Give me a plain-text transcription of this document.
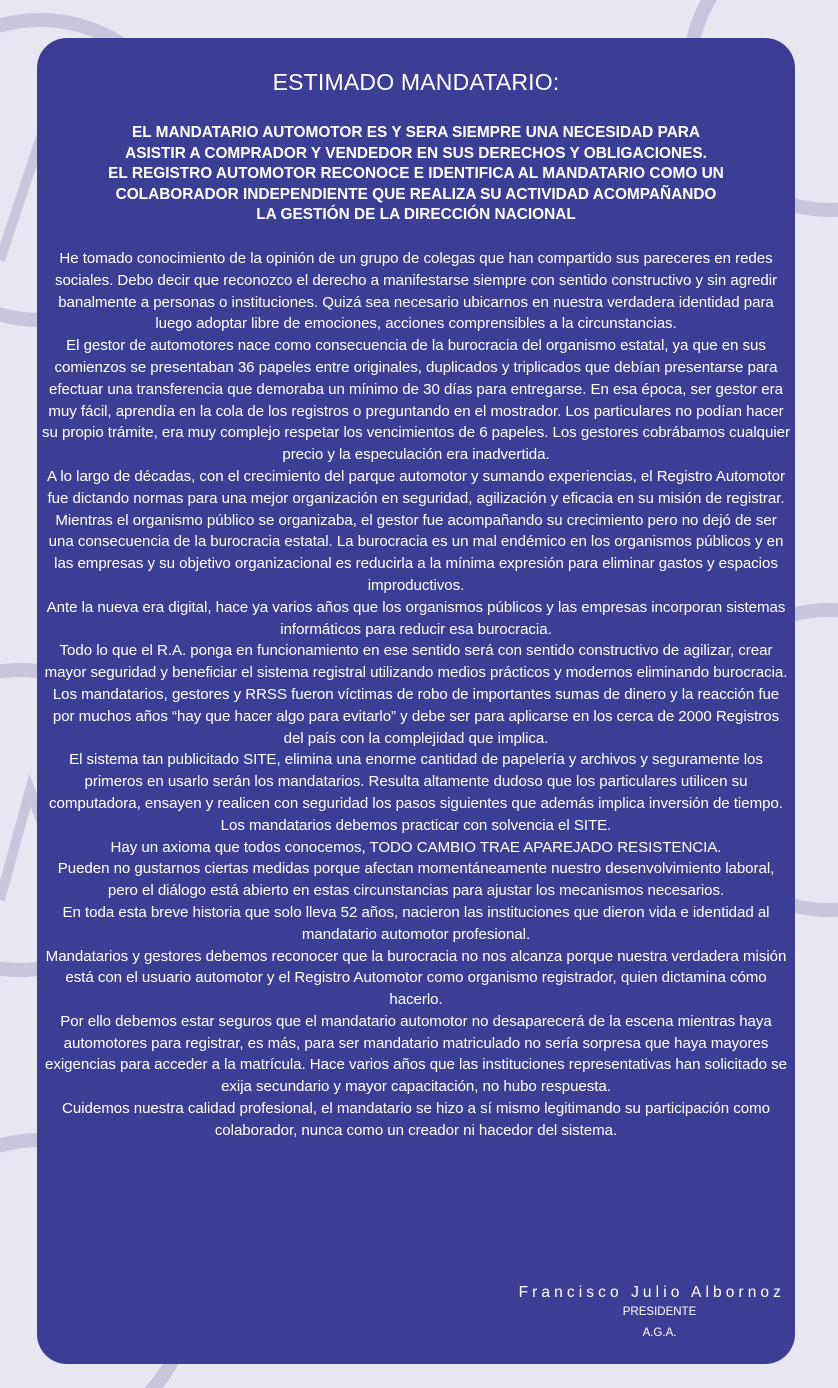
ESTIMADO MANDATARIO:
EL MANDATARIO AUTOMOTOR ES Y SERA SIEMPRE UNA NECESIDAD PARA
ASISTIR A COMPRADOR Y VENDEDOR EN SUS DERECHOS Y OBLIGACIONES.
EL REGISTRO AUTOMOTOR RECONOCE E IDENTIFICA AL MANDATARIO COMO UN
COLABORADOR INDEPENDIENTE QUE REALIZA SU ACTIVIDAD ACOMPAÑANDO
LA GESTIÓN DE LA DIRECCIÓN NACIONAL

He tomado conocimiento de la opinión de un grupo de colegas que han compartido sus pareceres en redes sociales. Debo decir que reconozco el derecho a manifestarse siempre con sentido constructivo y sin agredir banalmente a personas o instituciones. Quizá sea necesario ubicarnos en nuestra verdadera identidad para luego adoptar libre de emociones, acciones comprensibles a la circunstancias.

El gestor de automotores nace como consecuencia de la burocracia del organismo estatal, ya que en sus comienzos se presentaban 36 papeles entre originales, duplicados y triplicados que debían presentarse para efectuar una transferencia que demoraba un mínimo de 30 días para entregarse. En esa época, ser gestor era muy fácil, aprendía en la cola de los registros o preguntando en el mostrador. Los particulares no podían hacer su propio trámite, era muy complejo respetar los vencimientos de 6 papeles. Los gestores cobrábamos cualquier precio y la especulación era inadvertida.

A lo largo de décadas, con el crecimiento del parque automotor y sumando experiencias, el Registro Automotor fue dictando normas para una mejor organización en seguridad, agilización y eficacia en su misión de registrar.

Mientras el organismo público se organizaba, el gestor fue acompañando su crecimiento pero no dejó de ser una consecuencia de la burocracia estatal. La burocracia es un mal endémico en los organismos públicos y en las empresas y su objetivo organizacional es reducirla a la mínima expresión para eliminar gastos y espacios improductivos.

Ante la nueva era digital, hace ya varios años que los organismos públicos y las empresas incorporan sistemas informáticos para reducir esa burocracia.

Todo lo que el R.A. ponga en funcionamiento en ese sentido será con sentido constructivo de agilizar, crear mayor seguridad y beneficiar el sistema registral utilizando medios prácticos y modernos eliminando burocracia.

Los mandatarios, gestores y RRSS fueron víctimas de robo de importantes sumas de dinero y la reacción fue por muchos años “hay que hacer algo para evitarlo” y debe ser para aplicarse en los cerca de 2000 Registros del país con la complejidad que implica.

El sistema tan publicitado SITE, elimina una enorme cantidad de papelería y archivos y seguramente los primeros en usarlo serán los mandatarios. Resulta altamente dudoso que los particulares utilicen su computadora, ensayen y realicen con seguridad los pasos siguientes que además implica inversión de tiempo. Los mandatarios debemos practicar con solvencia el SITE.

Hay un axioma que todos conocemos, TODO CAMBIO TRAE APAREJADO RESISTENCIA.

Pueden no gustarnos ciertas medidas porque afectan momentáneamente nuestro desenvolvimiento laboral, pero el diálogo está abierto en estas circunstancias para ajustar los mecanismos necesarios.

En toda esta breve historia que solo lleva 52 años, nacieron las instituciones que dieron vida e identidad al mandatario automotor profesional.

Mandatarios y gestores debemos reconocer que la burocracia no nos alcanza porque nuestra verdadera misión está con el usuario automotor y el Registro Automotor como organismo registrador, quien dictamina cómo hacerlo.

Por ello debemos estar seguros que el mandatario automotor no desaparecerá de la escena mientras haya automotores para registrar, es más, para ser mandatario matriculado no sería sorpresa que haya mayores exigencias para acceder a la matrícula. Hace varios años que las instituciones representativas han solicitado se exija secundario y mayor capacitación, no hubo respuesta.

Cuidemos nuestra calidad profesional, el mandatario se hizo a sí mismo legitimando su participación como colaborador, nunca como un creador ni hacedor del sistema.

Francisco Julio Albornoz
PRESIDENTE
A.G.A.
